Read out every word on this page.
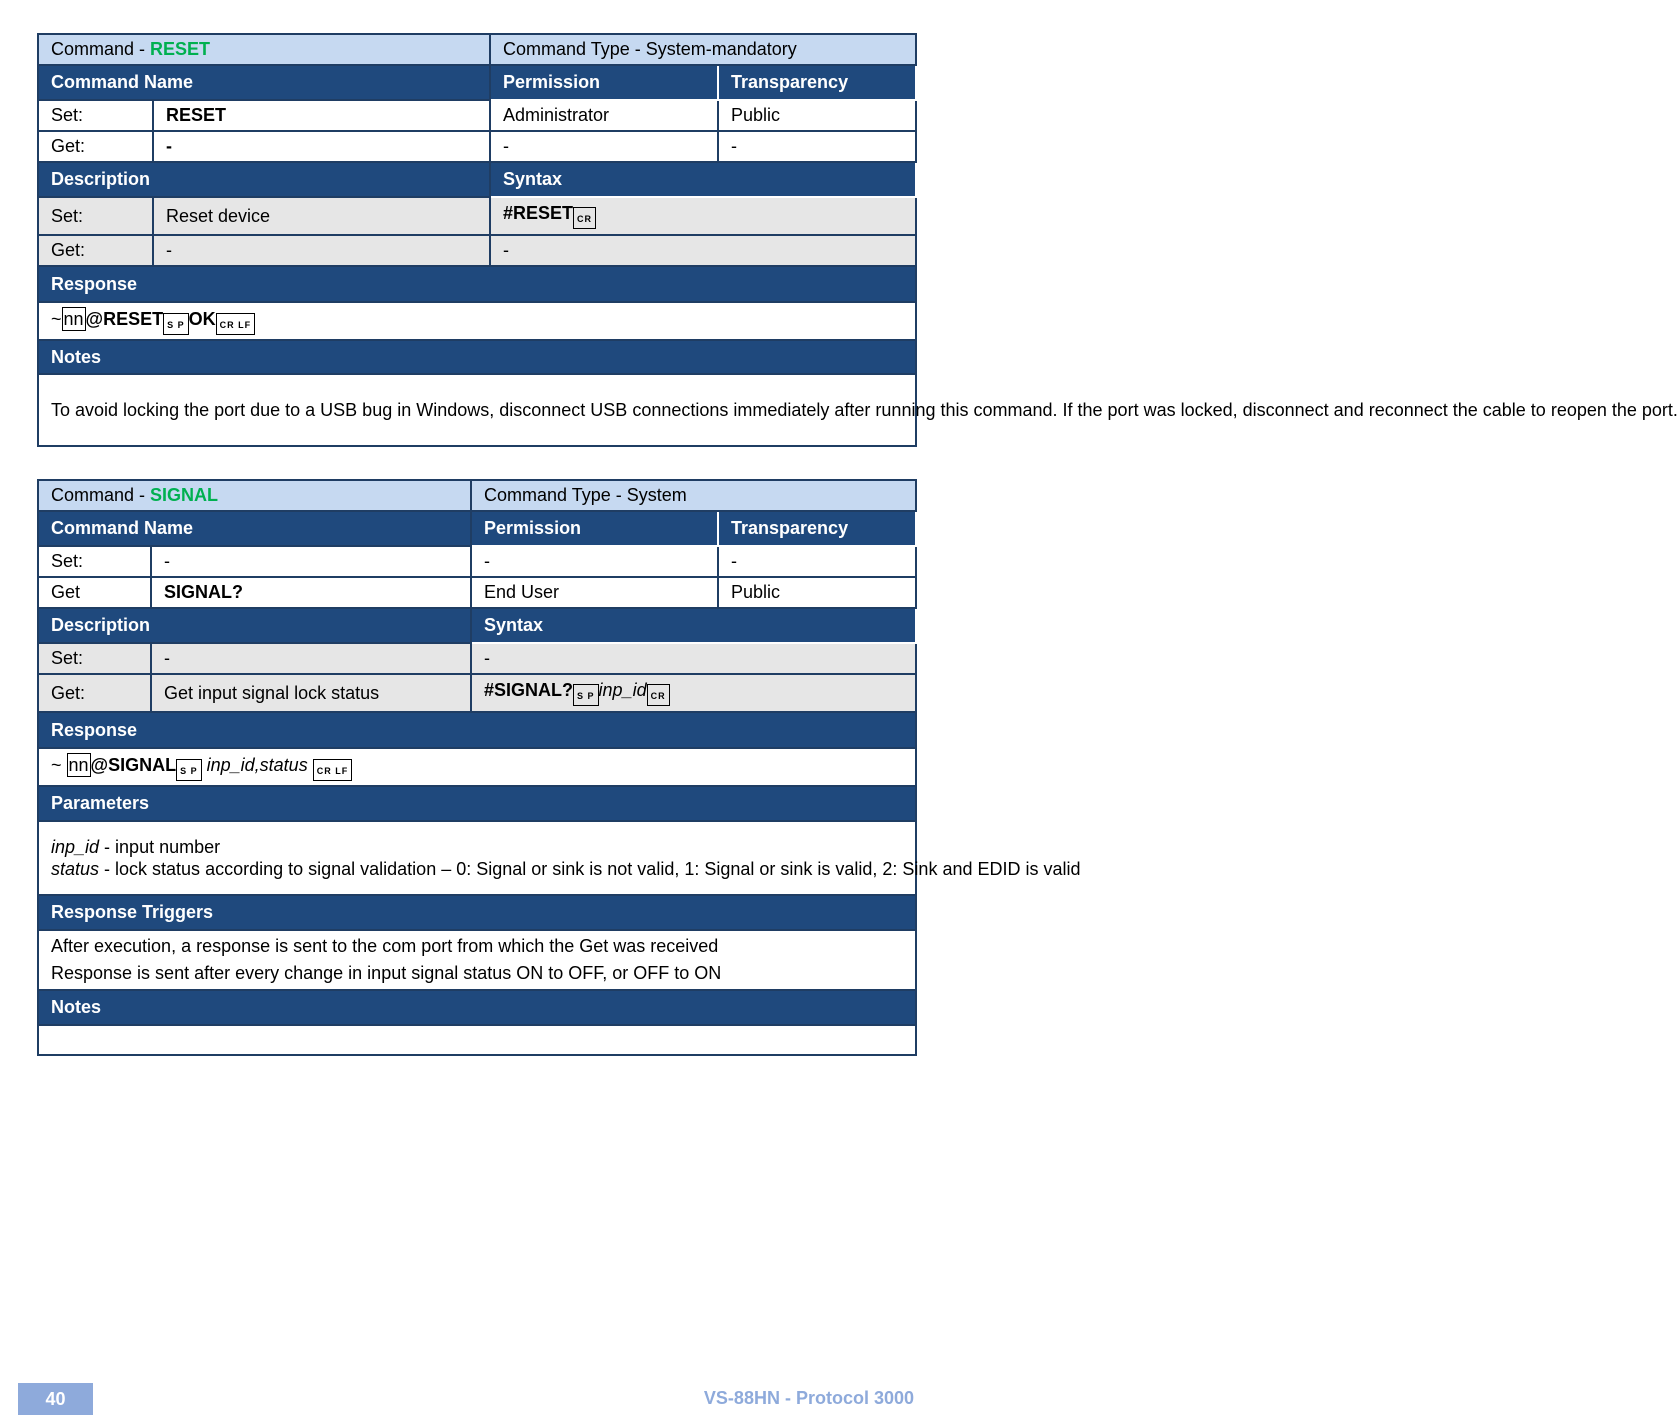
Command - RESET		Command Type - System-mandatory	
Command Name		Permission	Transparency
Set:	RESET	Administrator	Public
Get:	-	-	-
Description		Syntax	
Set:	Reset device	#RESET CR	
Get:	-	-	
Response			
~ nn @RESET S P OK CR LF			
Notes			
To avoid locking the port due to a USB bug in Windows, disconnect USB connections immediately after running this command. If the port was locked, disconnect and reconnect the cable to reopen the port.			
Command - SIGNAL		Command Type - System	
Command Name		Permission	Transparency
Set:	-	-	-
Get	SIGNAL?	End User	Public
Description		Syntax	
Set:	-	-	
Get:	Get input signal lock status	#SIGNAL? S P inp_id CR	
Response			
~ nn @SIGNAL S P inp_id,status CR LF			
Parameters			

inp_id - input number
status - lock status according to signal validation – 0: Signal or sink is not valid, 1: Signal or sink is valid, 2: Sink and EDID is valid			

Response Triggers			

After execution, a response is sent to the com port from which the Get was received
Response is sent after every change in input signal status ON to OFF, or OFF to ON			

Notes			

40	VS-88HN - Protocol 3000
